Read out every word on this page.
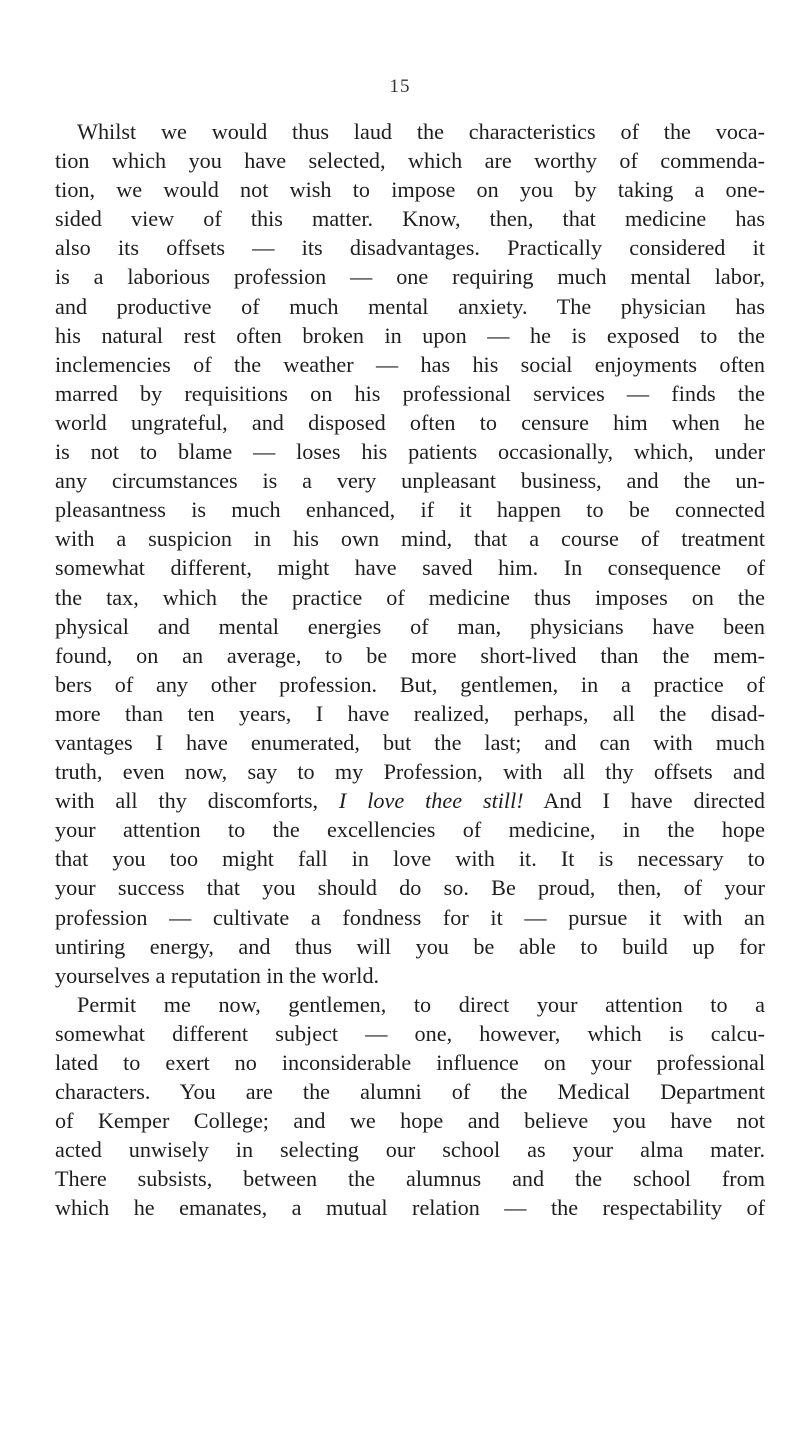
15
Whilst we would thus laud the characteristics of the voca-
tion which you have selected, which are worthy of commenda-
tion, we would not wish to impose on you by taking a one-
sided view of this matter. Know, then, that medicine has
also its offsets — its disadvantages. Practically considered it
is a laborious profession — one requiring much mental labor,
and productive of much mental anxiety. The physician has
his natural rest often broken in upon — he is exposed to the
inclemencies of the weather — has his social enjoyments often
marred by requisitions on his professional services — finds the
world ungrateful, and disposed often to censure him when he
is not to blame — loses his patients occasionally, which, under
any circumstances is a very unpleasant business, and the un-
pleasantness is much enhanced, if it happen to be connected
with a suspicion in his own mind, that a course of treatment
somewhat different, might have saved him. In consequence of
the tax, which the practice of medicine thus imposes on the
physical and mental energies of man, physicians have been
found, on an average, to be more short-lived than the mem-
bers of any other profession. But, gentlemen, in a practice of
more than ten years, I have realized, perhaps, all the disad-
vantages I have enumerated, but the last; and can with much
truth, even now, say to my Profession, with all thy offsets and
with all thy discomforts, I love thee still! And I have directed
your attention to the excellencies of medicine, in the hope
that you too might fall in love with it. It is necessary to
your success that you should do so. Be proud, then, of your
profession — cultivate a fondness for it — pursue it with an
untiring energy, and thus will you be able to build up for
yourselves a reputation in the world.
Permit me now, gentlemen, to direct your attention to a
somewhat different subject — one, however, which is calcu-
lated to exert no inconsiderable influence on your professional
characters. You are the alumni of the Medical Department
of Kemper College; and we hope and believe you have not
acted unwisely in selecting our school as your alma mater.
There subsists, between the alumnus and the school from
which he emanates, a mutual relation — the respectability of
